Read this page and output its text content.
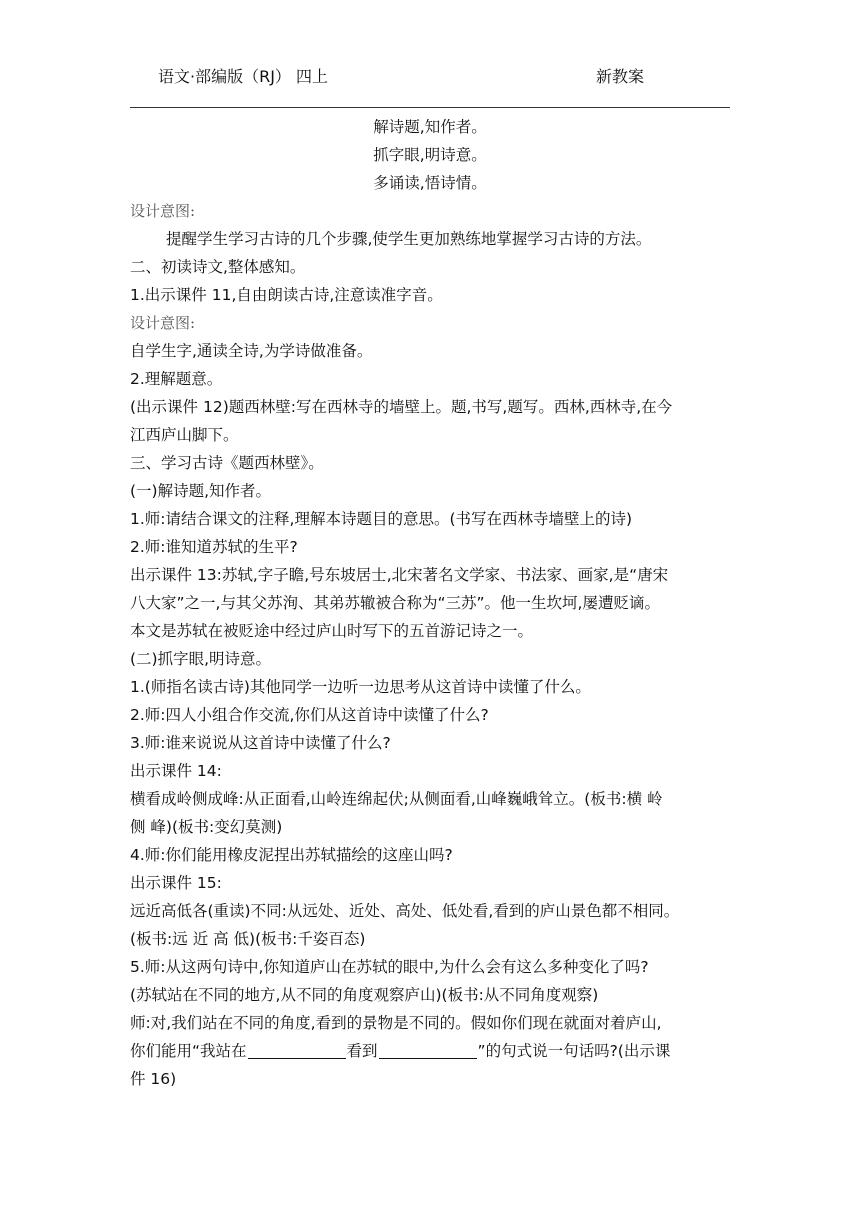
语文·部编版（RJ） 四上	新教案
解诗题,知作者。
抓字眼,明诗意。
多诵读,悟诗情。
设计意图:
提醒学生学习古诗的几个步骤,使学生更加熟练地掌握学习古诗的方法。
二、初读诗文,整体感知。
1.出示课件 11,自由朗读古诗,注意读准字音。
设计意图:
自学生字,通读全诗,为学诗做准备。
2.理解题意。
(出示课件 12)题西林壁:写在西林寺的墙壁上。题,书写,题写。西林,西林寺,在今
江西庐山脚下。
三、学习古诗《题西林壁》。
(一)解诗题,知作者。
1.师:请结合课文的注释,理解本诗题目的意思。(书写在西林寺墙壁上的诗)
2.师:谁知道苏轼的生平?
出示课件 13:苏轼,字子瞻,号东坡居士,北宋著名文学家、书法家、画家,是“唐宋
八大家”之一,与其父苏洵、其弟苏辙被合称为“三苏”。他一生坎坷,屡遭贬谪。
本文是苏轼在被贬途中经过庐山时写下的五首游记诗之一。
(二)抓字眼,明诗意。
1.(师指名读古诗)其他同学一边听一边思考从这首诗中读懂了什么。
2.师:四人小组合作交流,你们从这首诗中读懂了什么?
3.师:谁来说说从这首诗中读懂了什么?
出示课件 14:
横看成岭侧成峰:从正面看,山岭连绵起伏;从侧面看,山峰巍峨耸立。(板书:横 岭
侧 峰)(板书:变幻莫测)
4.师:你们能用橡皮泥捏出苏轼描绘的这座山吗?
出示课件 15:
远近高低各(重读)不同:从远处、近处、高处、低处看,看到的庐山景色都不相同。
(板书:远 近 高 低)(板书:千姿百态)
5.师:从这两句诗中,你知道庐山在苏轼的眼中,为什么会有这么多种变化了吗?
(苏轼站在不同的地方,从不同的角度观察庐山)(板书:从不同角度观察)
师:对,我们站在不同的角度,看到的景物是不同的。假如你们现在就面对着庐山,
你们能用“我站在	看到	”的句式说一句话吗?(出示课
件 16)
